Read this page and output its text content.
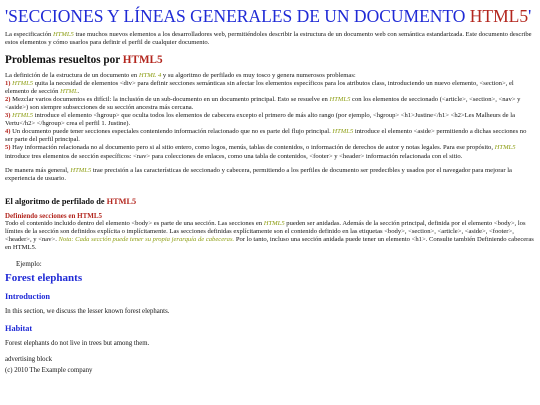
'SECCIONES Y LÍNEAS GENERALES DE UN DOCUMENTO HTML5'

La especificación HTML5 trae muchos nuevos elementos a los desarrolladores web, permitiéndoles describir la estructura de un documento web con semántica estandarizada. Este documento describe estos elementos y cómo usarlos para definir el perfil de cualquier documento.

Problemas resueltos por HTML5

La definición de la estructura de un documento en HTML 4 y su algoritmo de perfilado es muy tosco y genera numerosos problemas:

1) HTML5 quita la necesidad de elementos <div> para definir secciones semánticas sin afectar los elementos específicos para los atributos class, introduciendo un nuevo elemento, <section>, el elemento de sección HTML.

2) Mezclar varios documentos es difícil: la inclusión de un sub-documento en un documento principal. Esto se resuelve en HTML5 con los elementos de seccionado (<article>, <section>, <nav> y <aside>) son siempre subsecciones de su sección ancestra más cercana.

3) HTML5 introduce el elemento <hgroup> que oculta todos los elementos de cabecera excepto el primero de más alto rango (por ejemplo, <hgroup> <h1>Justine</h1> <h2>Les Malheurs de la Vertu</h2> </hgroup> crea el perfil 1. Justine).

4) Un documento puede tener secciones especiales conteniendo información relacionado que no es parte del flujo principal. HTML5 introduce el elemento <aside> permitiendo a dichas secciones no ser parte del perfil principal.

5) Hay información relacionada no al documento pero si al sitio entero, como logos, menús, tablas de contenidos, o información de derechos de autor y notas legales. Para ese propósito, HTML5 introduce tres elementos de sección específicos: <nav> para colecciones de enlaces, como una tabla de contenidos, <footer> y <header> información relacionada con el sitio.

De manera más general, HTML5 trae precisión a las características de seccionado y cabecera, permitiendo a los perfiles de documento ser predecibles y usados por el navegador para mejorar la experiencia de usuario.

El algoritmo de perfilado de HTML5
Definiendo secciones en HTML5

Todo el contenido incluido dentro del elemento <body> es parte de una sección. Las secciones en HTML5 pueden ser anidadas. Además de la sección principal, definida por el elemento <body>, los límites de la sección son definidos explícita o implícitamente. Las secciones definidas explícitamente son el contenido definido en las etiquetas <body>, <section>, <article>, <aside>, <footer>, <header>, y <nav>. Nota: Cada sección puede tener su propia jerarquía de cabeceras. Por lo tanto, incluso una sección anidada puede tener un elemento <h1>. Consulte también Definiendo cabeceras en HTML5.

Ejemplo:
Forest elephants
Introduction

In this section, we discuss the lesser known forest elephants.

Habitat

Forest elephants do not live in trees but among them.

advertising block

(c) 2010 The Example company
